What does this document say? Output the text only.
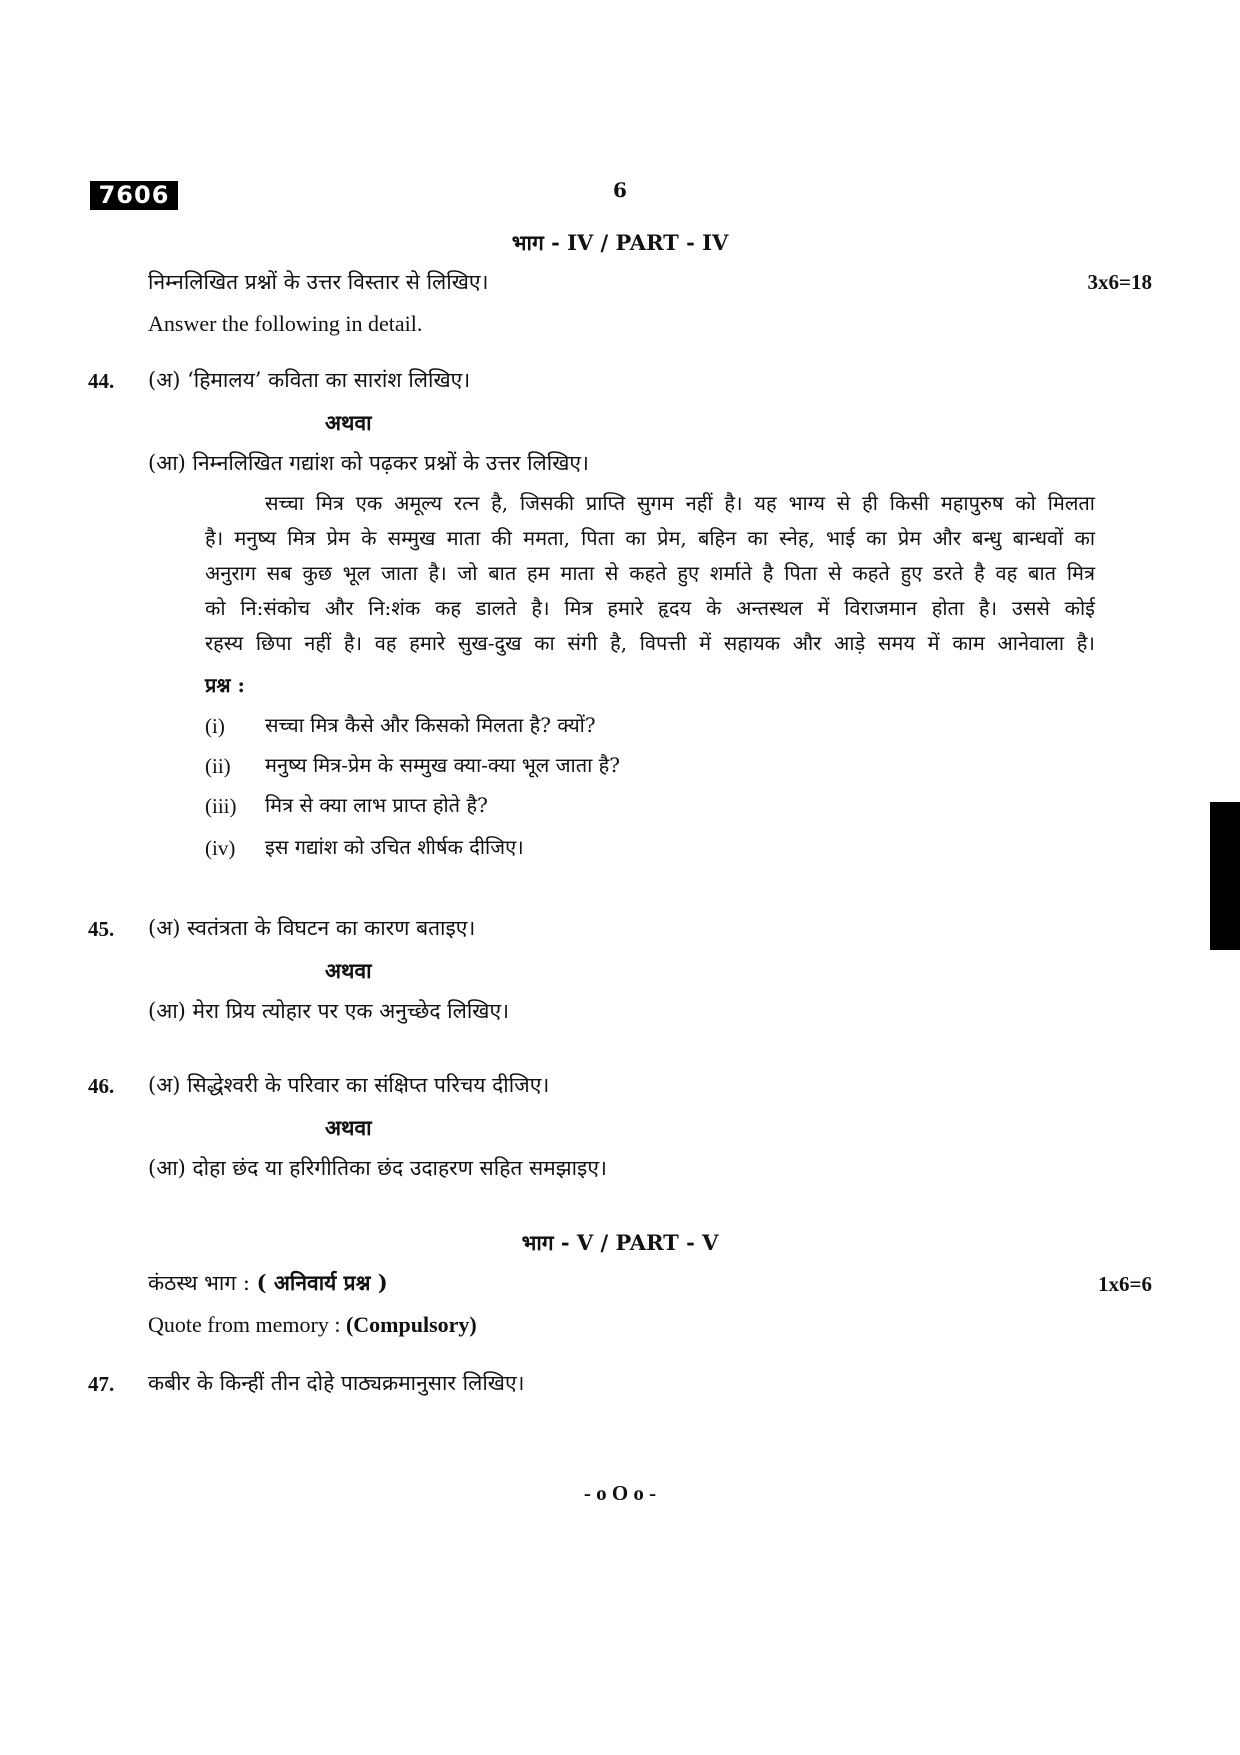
7606	6
भाग - IV / PART - IV
निम्नलिखित प्रश्नों के उत्तर विस्तार से लिखिए।	3x6=18
Answer the following in detail.
44. (अ) ‘हिमालय’ कविता का सारांश लिखिए।
अथवा
(आ) निम्नलिखित गद्यांश को पढ़कर प्रश्नों के उत्तर लिखिए।
सच्चा मित्र एक अमूल्य रत्न है, जिसकी प्राप्ति सुगम नहीं है। यह भाग्य से ही किसी महापुरुष को मिलता
है। मनुष्य मित्र प्रेम के सम्मुख माता की ममता, पिता का प्रेम, बहिन का स्नेह, भाई का प्रेम और बन्धु बान्धवों का
अनुराग सब कुछ भूल जाता है। जो बात हम माता से कहते हुए शर्माते है पिता से कहते हुए डरते है वह बात मित्र
को नि:संकोच और नि:शंक कह डालते है। मित्र हमारे हृदय के अन्तस्थल में विराजमान होता है। उससे कोई
रहस्य छिपा नहीं है। वह हमारे सुख-दुख का संगी है, विपत्ती में सहायक और आड़े समय में काम आनेवाला है।
प्रश्न :
(i) सच्चा मित्र कैसे और किसको मिलता है? क्यों?
(ii) मनुष्य मित्र-प्रेम के सम्मुख क्या-क्या भूल जाता है?
(iii) मित्र से क्या लाभ प्राप्त होते है?
(iv) इस गद्यांश को उचित शीर्षक दीजिए।
45. (अ) स्वतंत्रता के विघटन का कारण बताइए।
अथवा
(आ) मेरा प्रिय त्योहार पर एक अनुच्छेद लिखिए।
46. (अ) सिद्धेश्वरी के परिवार का संक्षिप्त परिचय दीजिए।
अथवा
(आ) दोहा छंद या हरिगीतिका छंद उदाहरण सहित समझाइए।
भाग - V / PART - V
कंठस्थ भाग : ( अनिवार्य प्रश्न )	1x6=6
Quote from memory : (Compulsory)
47. कबीर के किन्हीं तीन दोहे पाठ्यक्रमानुसार लिखिए।
- o O o -
